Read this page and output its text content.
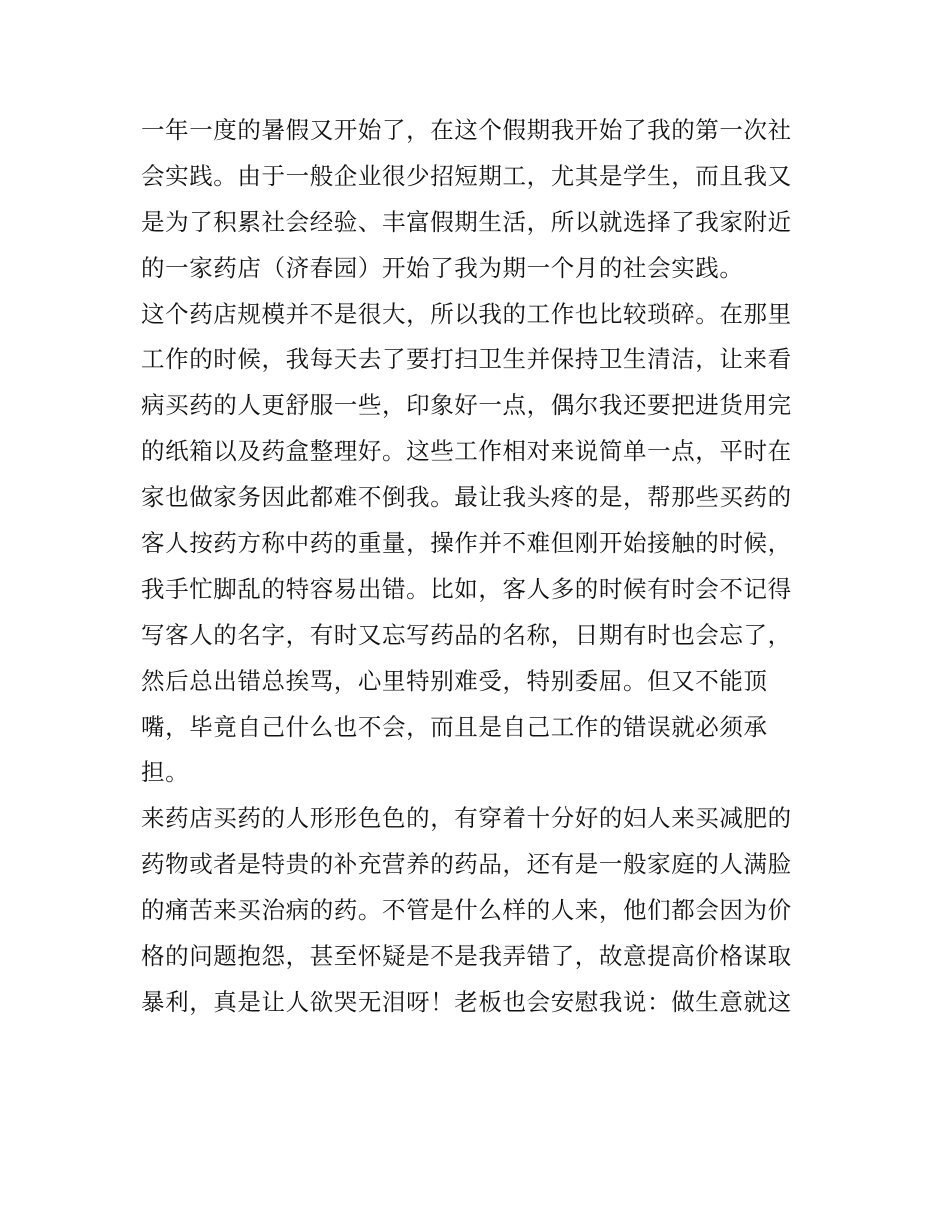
一年一度的暑假又开始了，在这个假期我开始了我的第一次社
会实践。由于一般企业很少招短期工，尤其是学生，而且我又
是为了积累社会经验、丰富假期生活，所以就选择了我家附近
的一家药店（济春园）开始了我为期一个月的社会实践。
这个药店规模并不是很大，所以我的工作也比较琐碎。在那里
工作的时候，我每天去了要打扫卫生并保持卫生清洁，让来看
病买药的人更舒服一些，印象好一点，偶尔我还要把进货用完
的纸箱以及药盒整理好。这些工作相对来说简单一点，平时在
家也做家务因此都难不倒我。最让我头疼的是，帮那些买药的
客人按药方称中药的重量，操作并不难但刚开始接触的时候，
我手忙脚乱的特容易出错。比如，客人多的时候有时会不记得
写客人的名字，有时又忘写药品的名称，日期有时也会忘了，
然后总出错总挨骂，心里特别难受，特别委屈。但又不能顶
嘴，毕竟自己什么也不会，而且是自己工作的错误就必须承
担。
来药店买药的人形形色色的，有穿着十分好的妇人来买减肥的
药物或者是特贵的补充营养的药品，还有是一般家庭的人满脸
的痛苦来买治病的药。不管是什么样的人来，他们都会因为价
格的问题抱怨，甚至怀疑是不是我弄错了，故意提高价格谋取
暴利，真是让人欲哭无泪呀！老板也会安慰我说：做生意就这
